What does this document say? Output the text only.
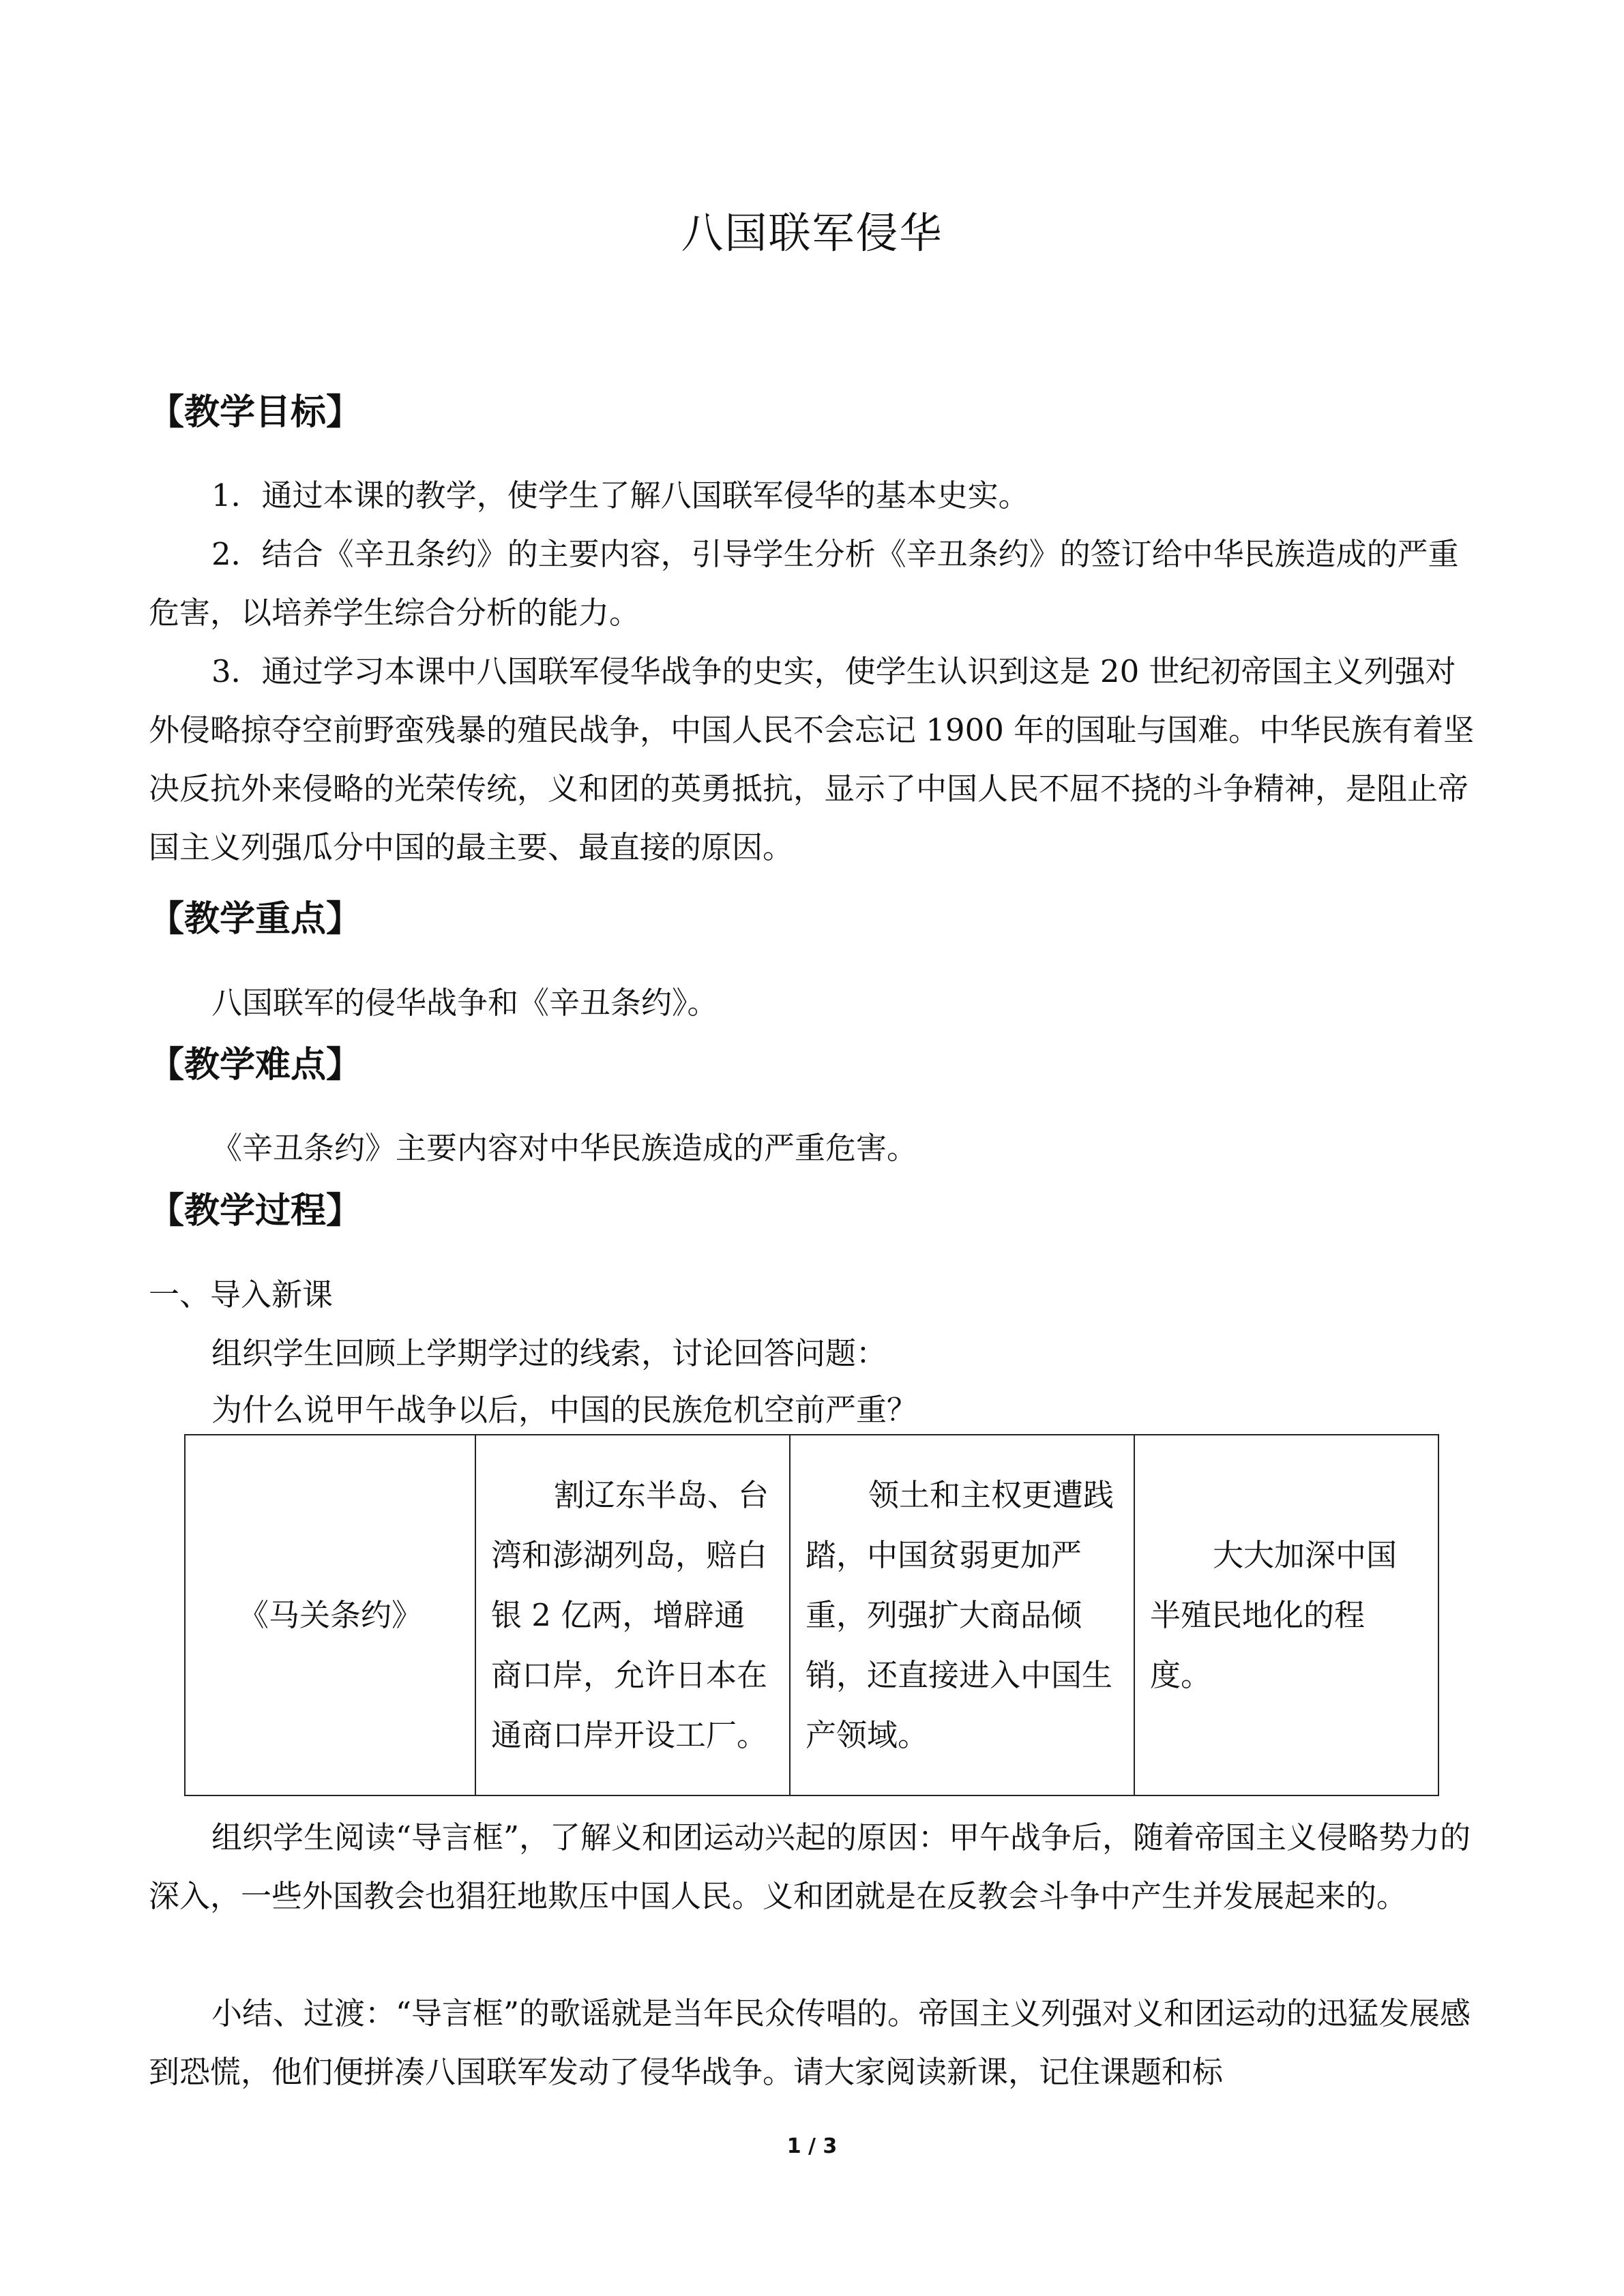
八国联军侵华
【教学目标】
1．通过本课的教学，使学生了解八国联军侵华的基本史实。
2．结合《辛丑条约》的主要内容，引导学生分析《辛丑条约》的签订给中华民族造成的严重危害，以培养学生综合分析的能力。
3．通过学习本课中八国联军侵华战争的史实，使学生认识到这是 20 世纪初帝国主义列强对外侵略掠夺空前野蛮残暴的殖民战争，中国人民不会忘记 1900 年的国耻与国难。中华民族有着坚决反抗外来侵略的光荣传统，义和团的英勇抵抗，显示了中国人民不屈不挠的斗争精神，是阻止帝国主义列强瓜分中国的最主要、最直接的原因。
【教学重点】
八国联军的侵华战争和《辛丑条约》。
【教学难点】
《辛丑条约》主要内容对中华民族造成的严重危害。
【教学过程】
一、导入新课
组织学生回顾上学期学过的线索，讨论回答问题：
为什么说甲午战争以后，中国的民族危机空前严重？
《马关条约》	割辽东半岛、台湾和澎湖列岛，赔白银 2 亿两，增辟通商口岸，允许日本在通商口岸开设工厂。	领土和主权更遭践踏，中国贫弱更加严重，列强扩大商品倾销，还直接进入中国生产领域。	大大加深中国半殖民地化的程度。
组织学生阅读“导言框”，了解义和团运动兴起的原因：甲午战争后，随着帝国主义侵略势力的深入，一些外国教会也猖狂地欺压中国人民。义和团就是在反教会斗争中产生并发展起来的。
小结、过渡：“导言框”的歌谣就是当年民众传唱的。帝国主义列强对义和团运动的迅猛发展感到恐慌，他们便拼凑八国联军发动了侵华战争。请大家阅读新课，记住课题和标
1 / 3
